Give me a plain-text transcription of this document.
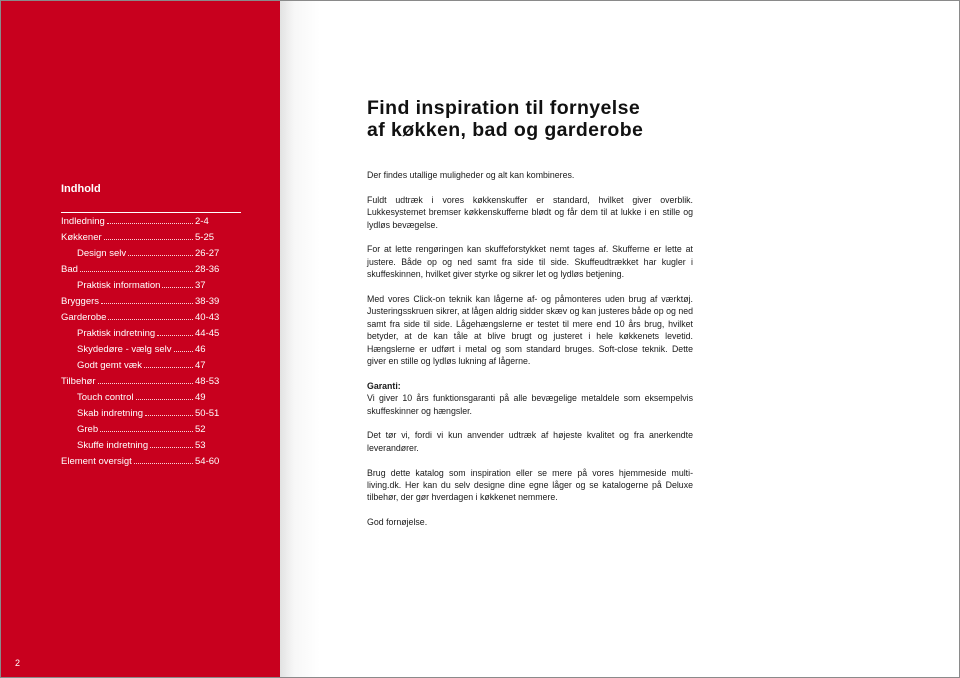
Indhold
Indledning	2-4
Køkkener	5-25
Design selv	26-27
Bad	28-36
Praktisk information	37
Bryggers	38-39
Garderobe	40-43
Praktisk indretning	44-45
Skydedøre - vælg selv 46
Godt gemt væk	47
Tilbehør	48-53
Touch control	49
Skab indretning	50-51
Greb	52
Skuffe indretning	53
Element oversigt	54-60
2
Find inspiration til fornyelse
af køkken, bad og garderobe

Der findes utallige muligheder og alt kan kombineres.

Fuldt udtræk i vores køkkenskuffer er standard, hvilket giver overblik. Lukkesystemet bremser køkkenskufferne blødt og får dem til at lukke i en stille og lydløs bevægelse.

For at lette rengøringen kan skuffeforstykket nemt tages af. Skufferne er lette at justere. Både op og ned samt fra side til side. Skuffeudtrækket har kugler i skuffeskinnen, hvilket giver styrke og sikrer let og lydløs betjening.

Med vores Click-on teknik kan lågerne af- og påmonteres uden brug af værktøj. Justeringsskruen sikrer, at lågen aldrig sidder skæv og kan justeres både op og ned samt fra side til side. Lågehængslerne er testet til mere end 10 års brug, hvilket betyder, at de kan tåle at blive brugt og justeret i hele køkkenets levetid. Hængslerne er udført i metal og som standard bruges. Soft-close teknik. Dette giver en stille og lydløs lukning af lågerne.

Garanti:

Vi giver 10 års funktionsgaranti på alle bevægelige metaldele som eksempelvis skuffeskinner og hængsler.

Det tør vi, fordi vi kun anvender udtræk af højeste kvalitet og fra anerkendte leverandører.

Brug dette katalog som inspiration eller se mere på vores hjemmeside multi-living.dk. Her kan du selv designe dine egne låger og se katalogerne på Deluxe tilbehør, der gør hverdagen i køkkenet nemmere.

God fornøjelse.
